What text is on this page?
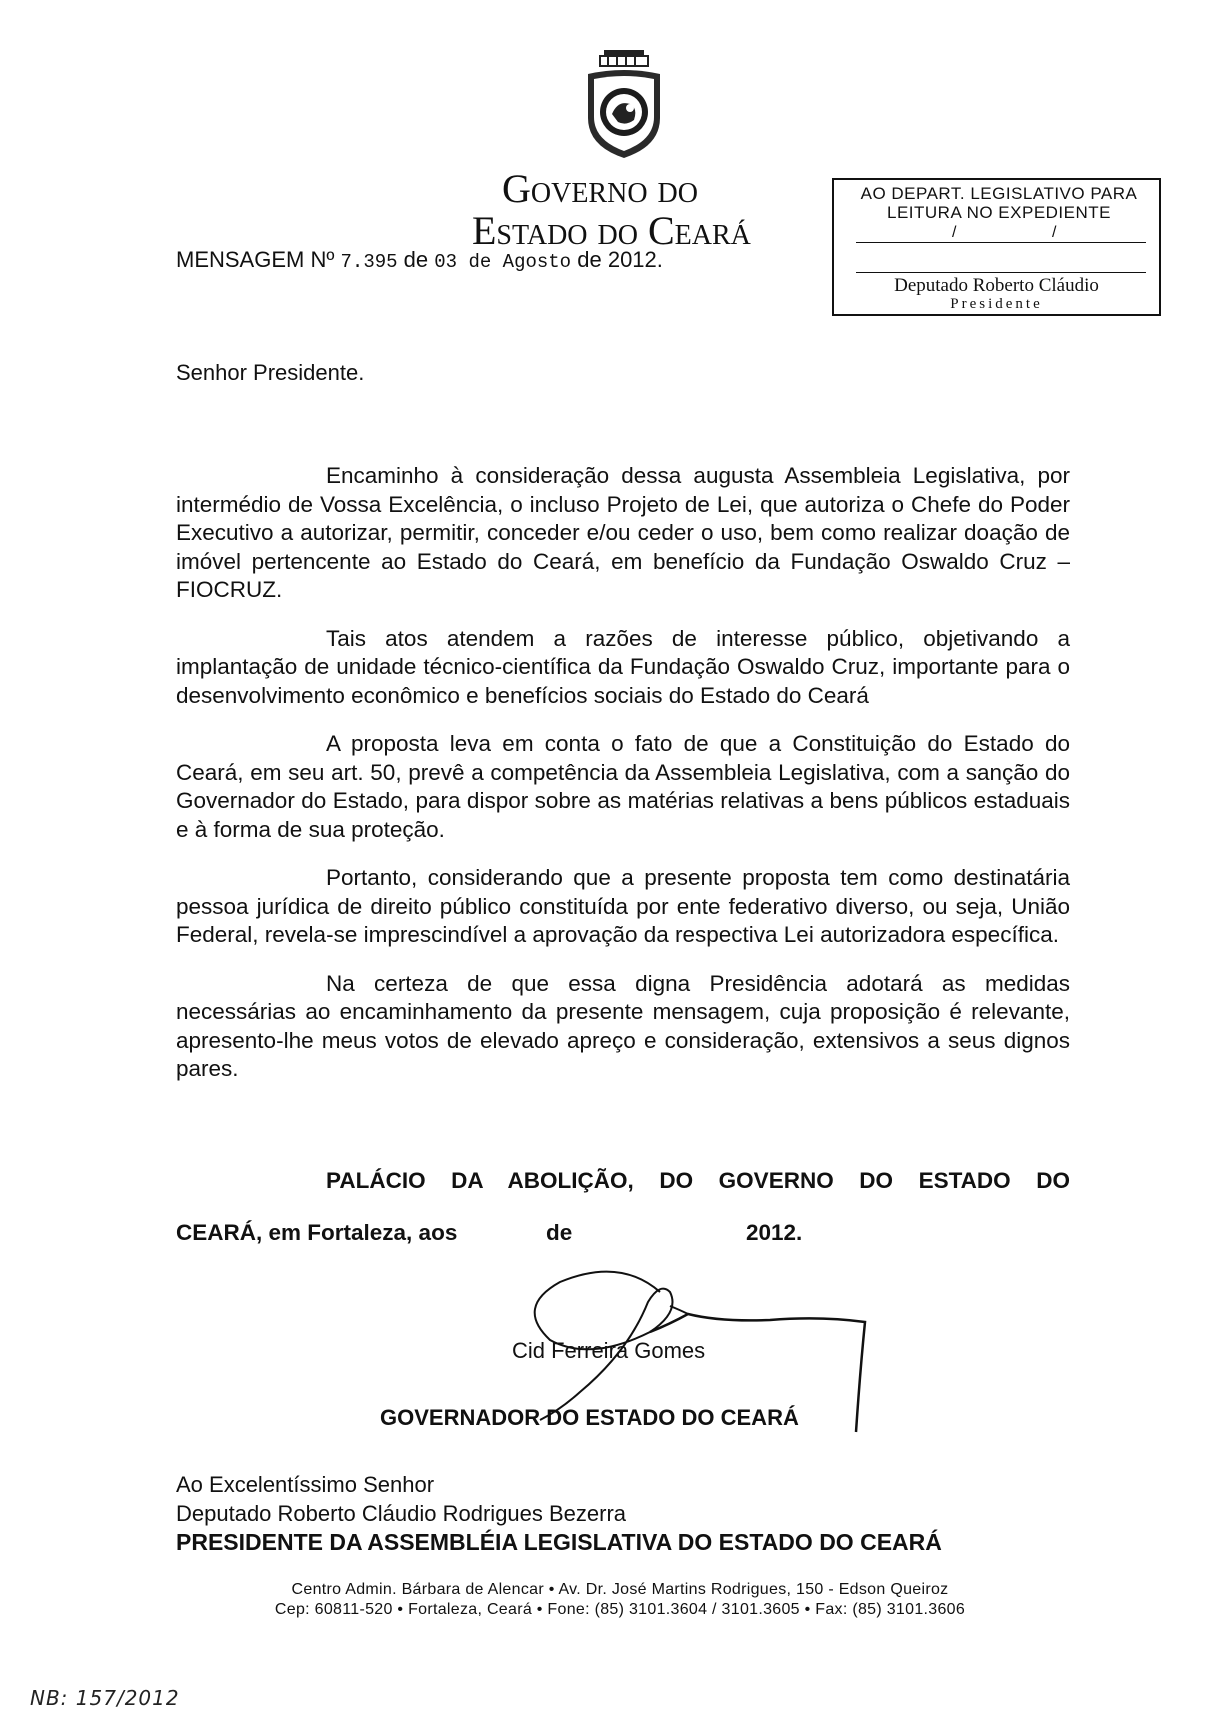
Governo do
Estado do Ceará
MENSAGEM Nº 7.395 de 03 de Agosto de 2012.
AO DEPART. LEGISLATIVO PARA
LEITURA NO EXPEDIENTE
/	/
Deputado Roberto Cláudio
Presidente
Senhor Presidente.

Encaminho à consideração dessa augusta Assembleia Legislativa, por intermédio de Vossa Excelência, o incluso Projeto de Lei, que autoriza o Chefe do Poder Executivo a autorizar, permitir, conceder e/ou ceder o uso, bem como realizar doação de imóvel pertencente ao Estado do Ceará, em benefício da Fundação Oswaldo Cruz – FIOCRUZ.

Tais atos atendem a razões de interesse público, objetivando a implantação de unidade técnico-científica da Fundação Oswaldo Cruz, importante para o desenvolvimento econômico e benefícios sociais do Estado do Ceará

A proposta leva em conta o fato de que a Constituição do Estado do Ceará, em seu art. 50, prevê a competência da Assembleia Legislativa, com a sanção do Governador do Estado, para dispor sobre as matérias relativas a bens públicos estaduais e à forma de sua proteção.

Portanto, considerando que a presente proposta tem como destinatária pessoa jurídica de direito público constituída por ente federativo diverso, ou seja, União Federal, revela-se imprescindível a aprovação da respectiva Lei autorizadora específica.

Na certeza de que essa digna Presidência adotará as medidas necessárias ao encaminhamento da presente mensagem, cuja proposição é relevante, apresento-lhe meus votos de elevado apreço e consideração, extensivos a seus dignos pares.

PALÁCIO DA ABOLIÇÃO, DO GOVERNO DO ESTADO DO
CEARÁ, em Fortaleza, aos	de	2012.
Cid Ferreira Gomes
GOVERNADOR DO ESTADO DO CEARÁ
Ao Excelentíssimo Senhor
Deputado Roberto Cláudio Rodrigues Bezerra
PRESIDENTE DA ASSEMBLÉIA LEGISLATIVA DO ESTADO DO CEARÁ
Centro Admin. Bárbara de Alencar • Av. Dr. José Martins Rodrigues, 150 - Edson Queiroz
Cep: 60811-520 • Fortaleza, Ceará • Fone: (85) 3101.3604 / 3101.3605 • Fax: (85) 3101.3606
NB: 157/2012
